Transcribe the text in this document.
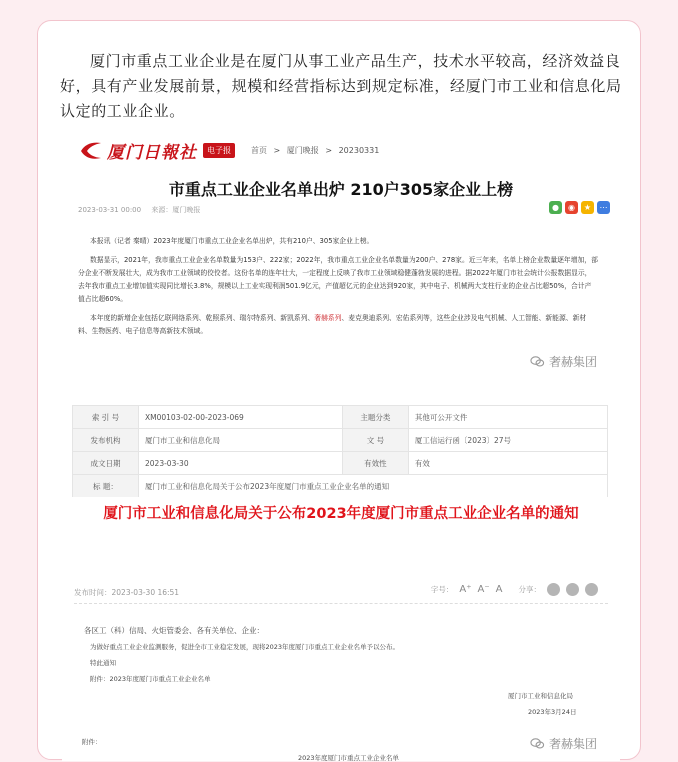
厦门市重点工业企业是在厦门从事工业产品生产，技术水平较高，经济效益良好，具有产业发展前景，规模和经营指标达到规定标准，经厦门市工业和信息化局认定的工业企业。

厦门日報社	电子报	首页 > 厦门晚报 > 20230331
市重点工业企业名单出炉 210户305家企业上榜
2023-03-31 00:00 来源：厦门晚报	●	◉	★	⋯

本报讯（记者 秦晴）2023年度厦门市重点工业企业名单出炉，共有210户、305家企业上榜。

数据显示，2021年，我市重点工业企业名单数量为153户、222家；2022年，我市重点工业企业名单数量为200户、278家。近三年来，名单上榜企业数量逐年增加，部分企业不断发展壮大，成为我市工业领域的佼佼者。这份名单的连年壮大，一定程度上反映了我市工业领域稳健蓬勃发展的进程。据2022年厦门市社会统计公报数据显示，去年我市重点工业增加值实现同比增长3.8%，规模以上工业实现利润501.9亿元，产值超亿元的企业达到920家，其中电子、机械两大支柱行业的企业占比超50%，合计产值占比超60%。

本年度的新增企业包括亿联网络系列、乾照系列、瑞尔特系列、新凯系列、奢赫系列、麦克奥迪系列、宏佑系列等，这些企业涉及电气机械、人工智能、新能源、新材料、生物医药、电子信息等高新技术领域。

奢赫集团
索 引 号	XM00103-02-00-2023-069	主题分类	其他可公开文件
发布机构	厦门市工业和信息化局	文 号	厦工信运行函〔2023〕27号
成文日期	2023-03-30	有效性	有效
标 题：	厦门市工业和信息化局关于公布2023年度厦门市重点工业企业名单的通知		
厦门市工业和信息化局关于公布2023年度厦门市重点工业企业名单的通知
发布时间：2023-03-30 16:51	字号： A⁺ A⁻ A 分享：

各区工（科）信局、火炬管委会、各有关单位、企业：

为做好重点工业企业监测服务，促进全市工业稳定发展，现将2023年度厦门市重点工业企业名单予以公布。

特此通知

附件：2023年度厦门市重点工业企业名单

厦门市工业和信息化局
2023年3月24日
附件：
2023年度厦门市重点工业企业名单
奢赫集团
